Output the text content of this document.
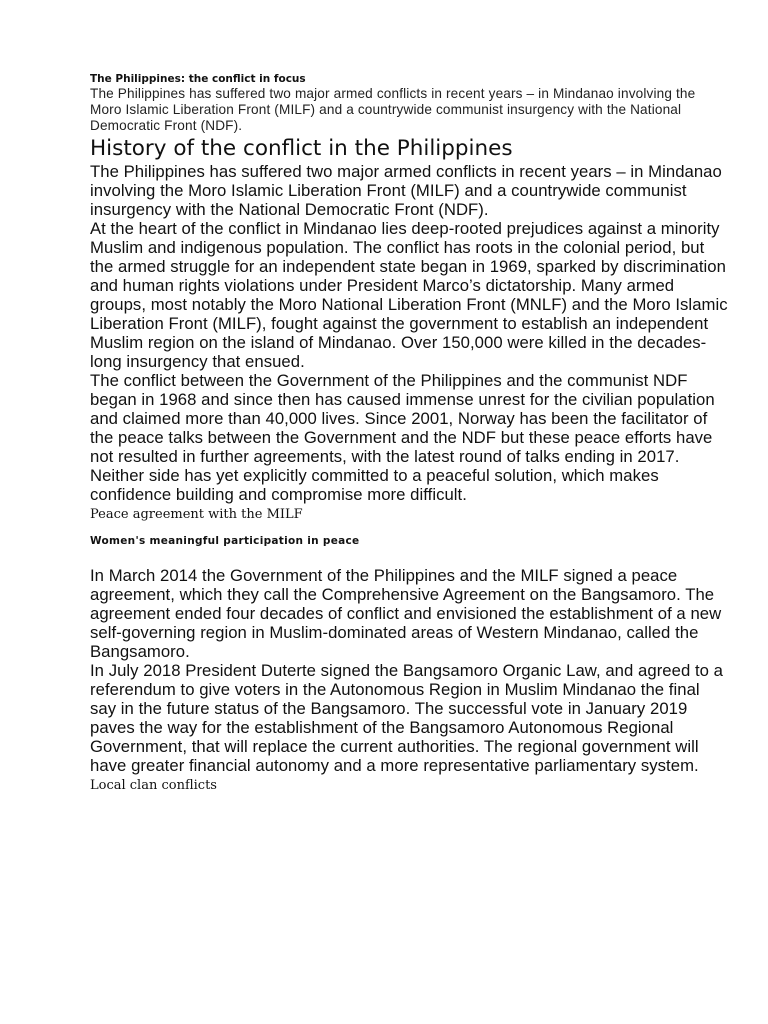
The Philippines: the conflict in focus

The Philippines has suffered two major armed conflicts in recent years – in Mindanao involving the Moro Islamic Liberation Front (MILF) and a countrywide communist insurgency with the National Democratic Front (NDF).

History of the conflict in the Philippines

The Philippines has suffered two major armed conflicts in recent years – in Mindanao involving the Moro Islamic Liberation Front (MILF) and a countrywide communist insurgency with the National Democratic Front (NDF).

At the heart of the conflict in Mindanao lies deep-rooted prejudices against a minority Muslim and indigenous population. The conflict has roots in the colonial period, but the armed struggle for an independent state began in 1969, sparked by discrimination and human rights violations under President Marco’s dictatorship. Many armed groups, most notably the Moro National Liberation Front (MNLF) and the Moro Islamic Liberation Front (MILF), fought against the government to establish an independent Muslim region on the island of Mindanao. Over 150,000 were killed in the decades-long insurgency that ensued.

The conflict between the Government of the Philippines and the communist NDF began in 1968 and since then has caused immense unrest for the civilian population and claimed more than 40,000 lives. Since 2001, Norway has been the facilitator of the peace talks between the Government and the NDF but these peace efforts have not resulted in further agreements, with the latest round of talks ending in 2017. Neither side has yet explicitly committed to a peaceful solution, which makes confidence building and compromise more difficult.

Peace agreement with the MILF

Women's meaningful participation in peace

In March 2014 the Government of the Philippines and the MILF signed a peace agreement, which they call the Comprehensive Agreement on the Bangsamoro. The agreement ended four decades of conflict and envisioned the establishment of a new self-governing region in Muslim-dominated areas of Western Mindanao, called the Bangsamoro.

In July 2018 President Duterte signed the Bangsamoro Organic Law, and agreed to a referendum to give voters in the Autonomous Region in Muslim Mindanao the final say in the future status of the Bangsamoro. The successful vote in January 2019 paves the way for the establishment of the Bangsamoro Autonomous Regional Government, that will replace the current authorities. The regional government will have greater financial autonomy and a more representative parliamentary system.

Local clan conflicts
